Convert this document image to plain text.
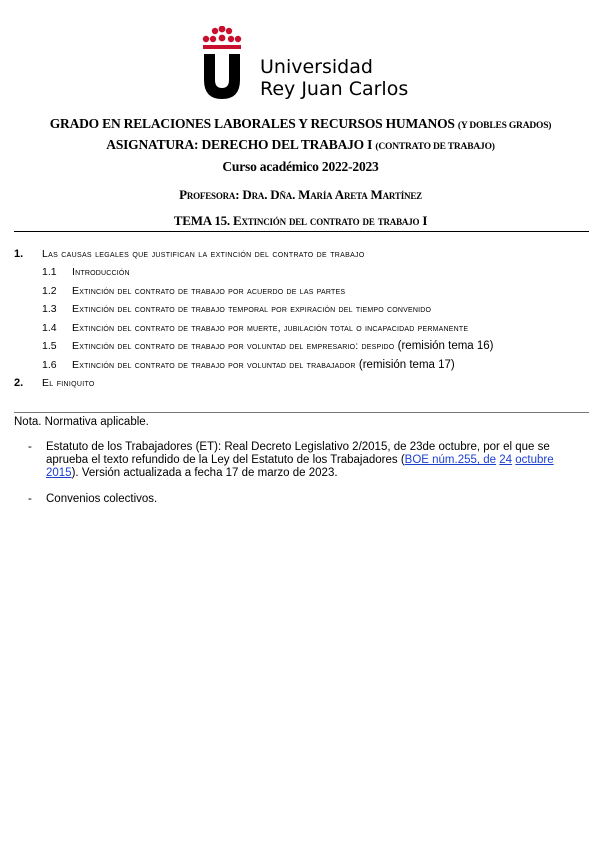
Universidad
Rey Juan Carlos
GRADO EN RELACIONES LABORALES Y RECURSOS HUMANOS (Y DOBLES GRADOS)
ASIGNATURA: DERECHO DEL TRABAJO I (CONTRATO DE TRABAJO)
Curso académico 2022-2023
Profesora: Dra. Dña. María Areta Martínez
TEMA 15. Extinción del contrato de trabajo I
1. Las causas legales que justifican la extinción del contrato de trabajo
1.1 Introducción
1.2 Extinción del contrato de trabajo por acuerdo de las partes
1.3 Extinción del contrato de trabajo temporal por expiración del tiempo convenido
1.4 Extinción del contrato de trabajo por muerte, jubilación total o incapacidad permanente
1.5 Extinción del contrato de trabajo por voluntad del empresario: despido (remisión tema 16)
1.6 Extinción del contrato de trabajo por voluntad del trabajador (remisión tema 17)
2. El finiquito
Nota. Normativa aplicable.
- Estatuto de los Trabajadores (ET): Real Decreto Legislativo 2/2015, de 23de octubre, por el que se aprueba el texto refundido de la Ley del Estatuto de los Trabajadores (BOE núm.255, de 24 octubre 2015). Versión actualizada a fecha 17 de marzo de 2023.
- Convenios colectivos.
